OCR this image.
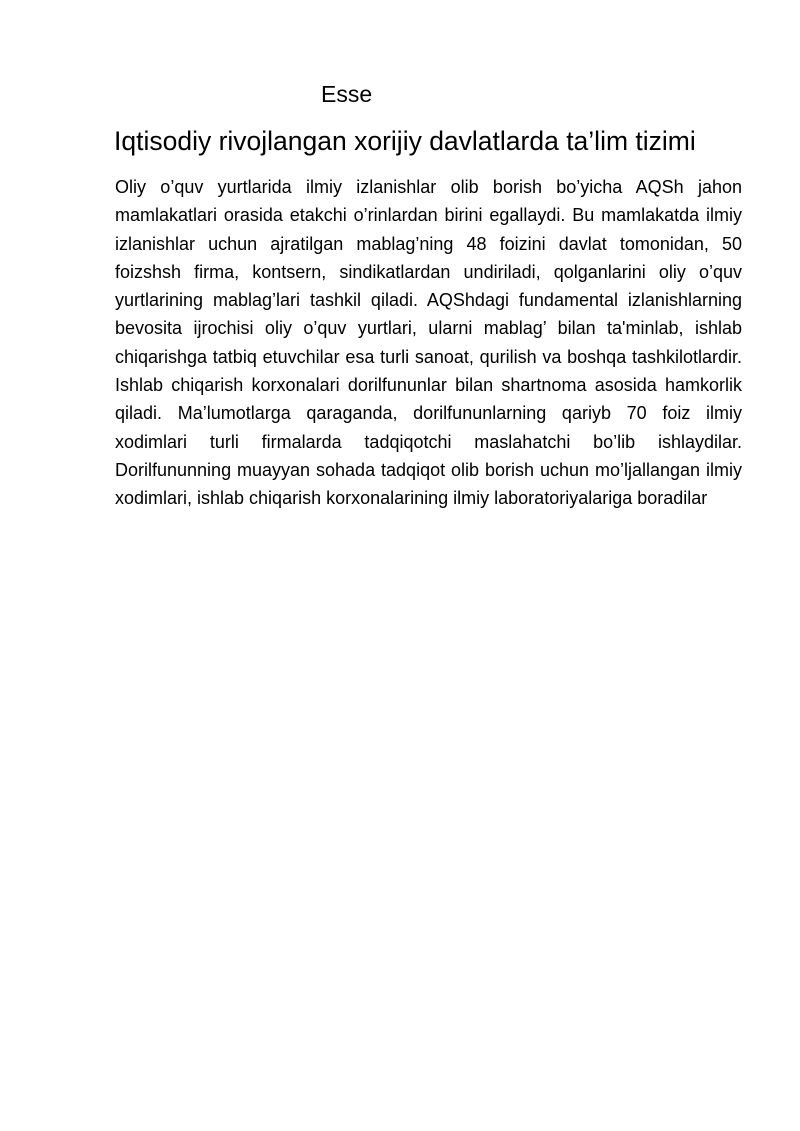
Esse
Iqtisodiy rivojlangan xorijiy davlatlarda ta’lim tizimi

Oliy o’quv yurtlarida ilmiy izlanishlar olib borish bo’yicha AQSh jahon mamlakatlari orasida etakchi o’rinlardan birini egallaydi. Bu mamlakatda ilmiy izlanishlar uchun ajratilgan mablag’ning 48 foizini davlat tomonidan, 50 foizshsh firma, kontsern, sindikatlardan undiriladi, qolganlarini oliy o’quv yurtlarining mablag’lari tashkil qiladi. AQShdagi fundamental izlanishlarning bevosita ijrochisi oliy o’quv yurtlari, ularni mablag’ bilan ta'minlab, ishlab chiqarishga tatbiq etuvchilar esa turli sanoat, qurilish va boshqa tashkilotlardir. Ishlab chiqarish korxonalari dorilfununlar bilan shartnoma asosida hamkorlik qiladi. Ma’lumotlarga qaraganda, dorilfununlarning qariyb 70 foiz ilmiy xodimlari turli firmalarda tadqiqotchi maslahatchi bo’lib ishlaydilar. Dorilfununning muayyan sohada tadqiqot olib borish uchun mo’ljallangan ilmiy xodimlari, ishlab chiqarish korxonalarining ilmiy laboratoriyalariga boradilar
